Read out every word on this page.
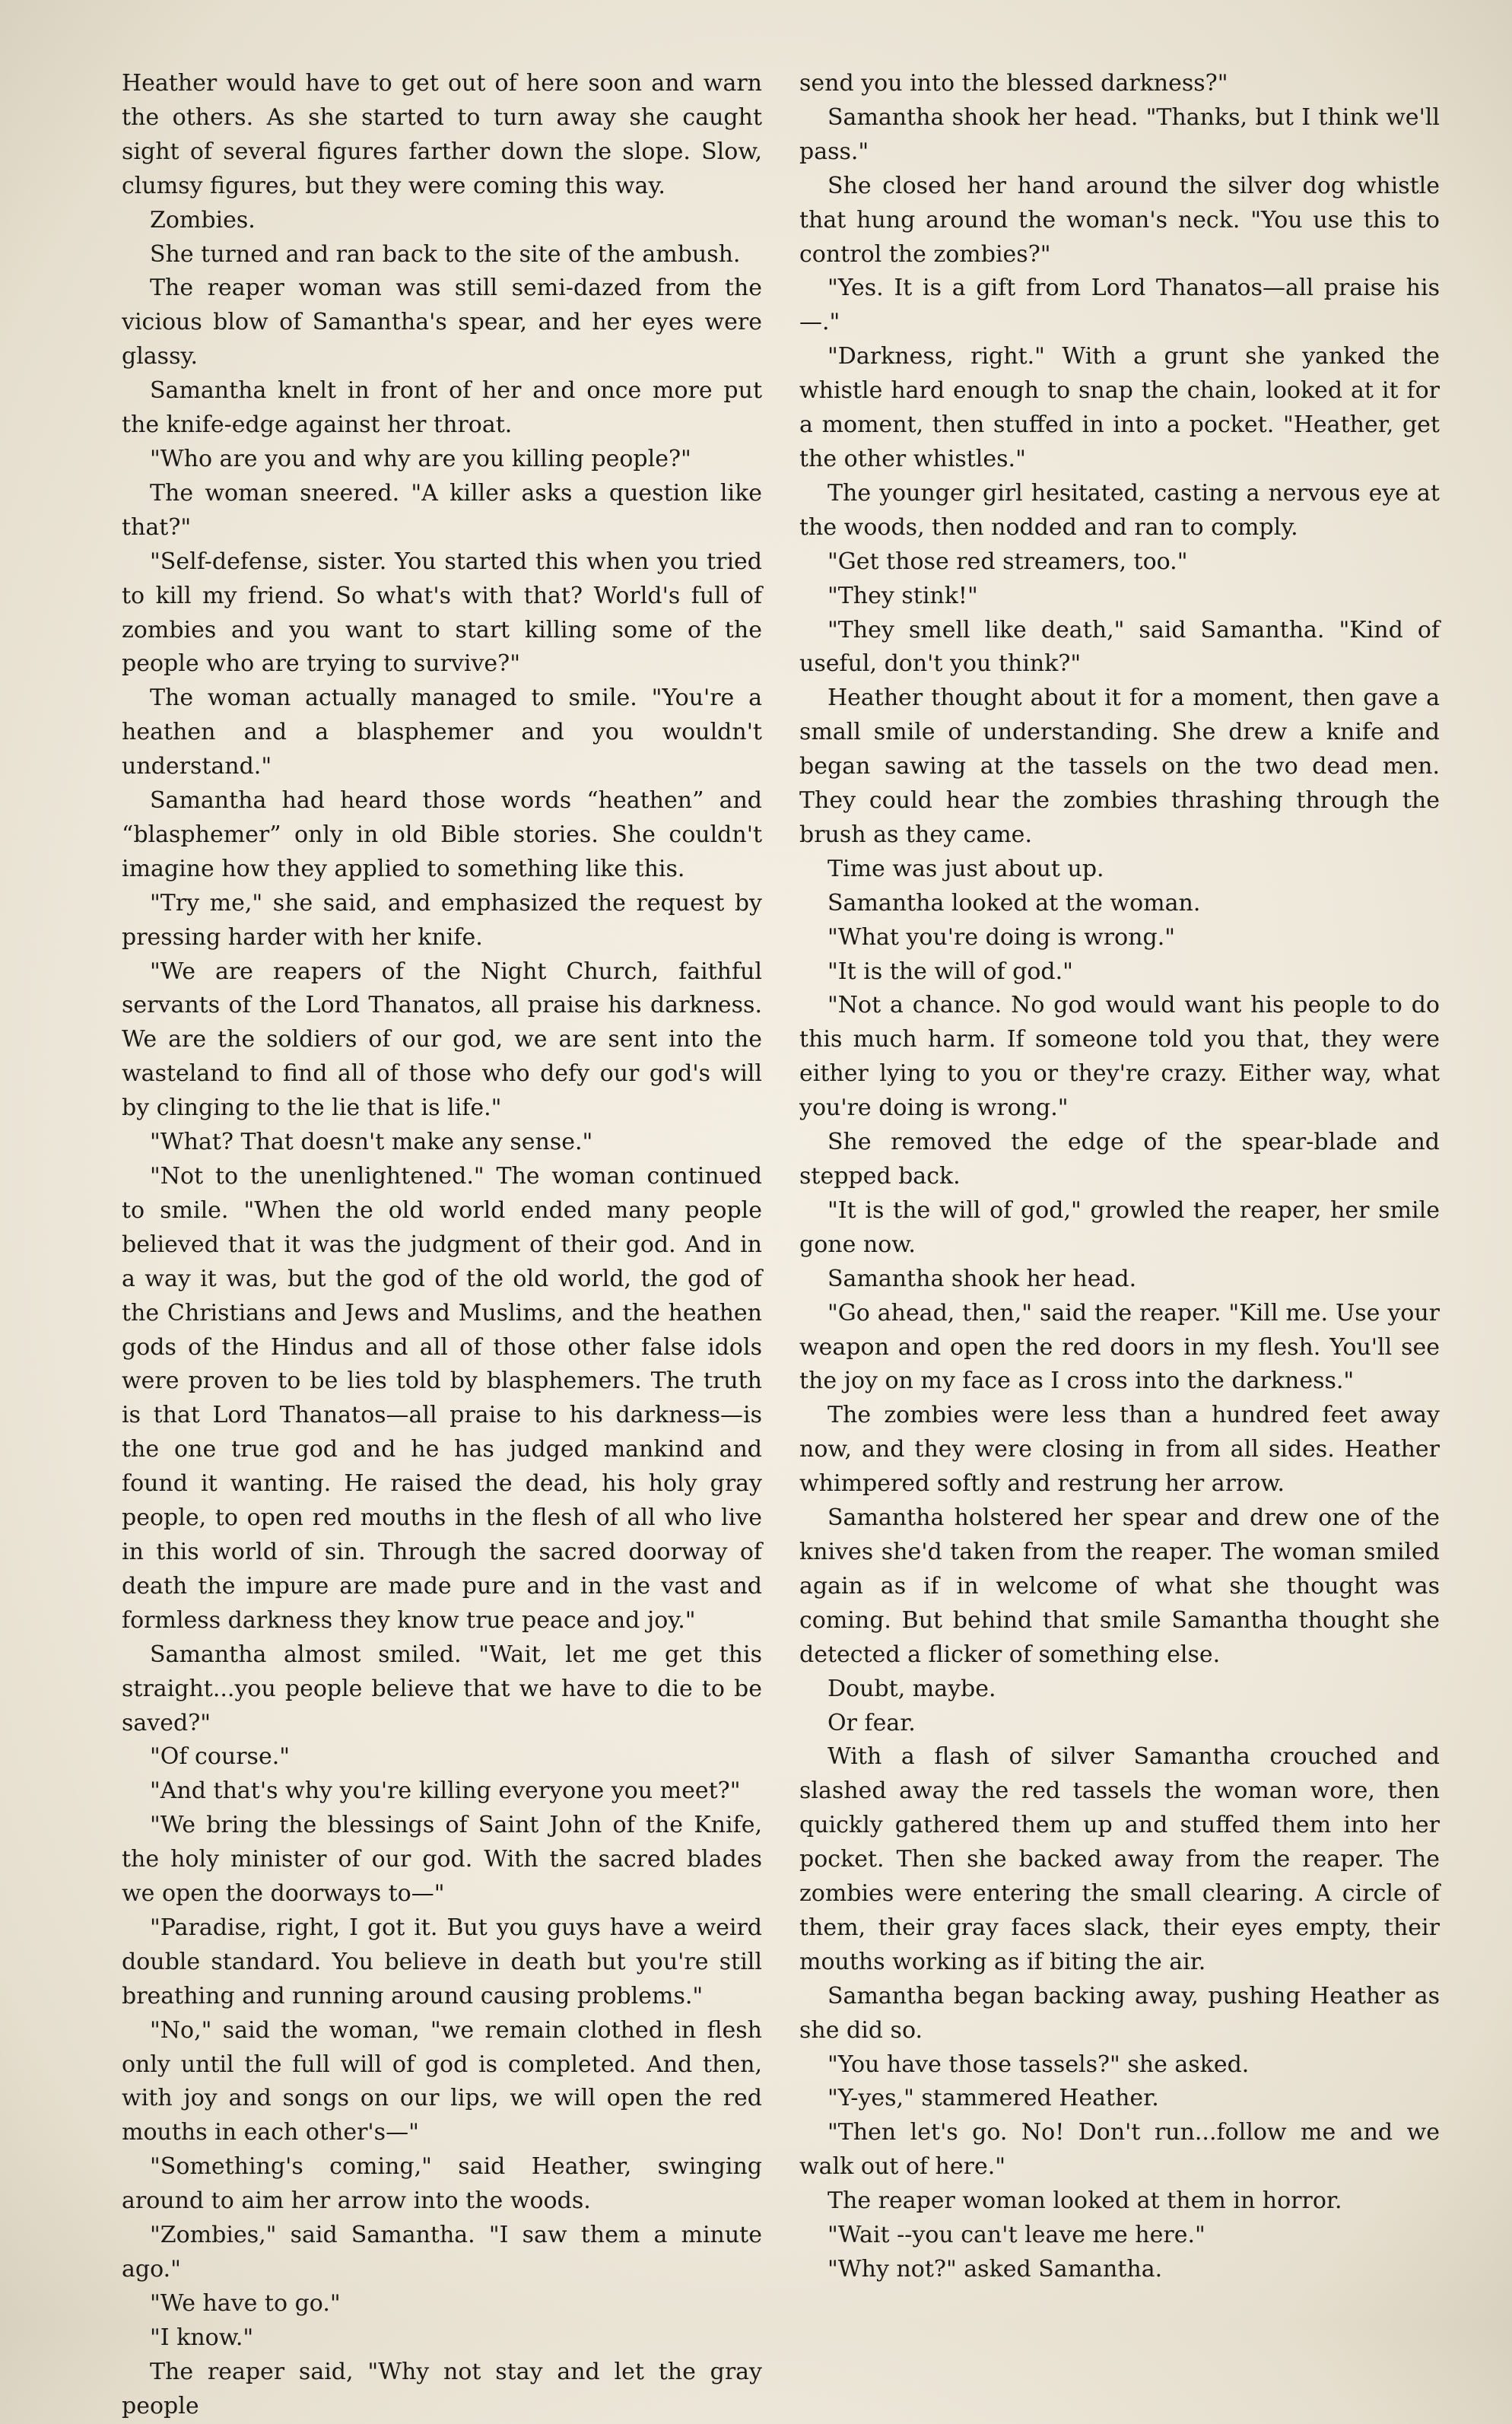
Heather would have to get out of here soon and warn the others. As she started to turn away she caught sight of several figures farther down the slope. Slow, clumsy figures, but they were coming this way.

Zombies.

She turned and ran back to the site of the ambush.

The reaper woman was still semi-dazed from the vicious blow of Samantha's spear, and her eyes were glassy.

Samantha knelt in front of her and once more put the knife-edge against her throat.

"Who are you and why are you killing people?"

The woman sneered. "A killer asks a question like that?"

"Self-defense, sister. You started this when you tried to kill my friend. So what's with that? World's full of zombies and you want to start killing some of the people who are trying to survive?"

The woman actually managed to smile. "You're a heathen and a blasphemer and you wouldn't understand."

Samantha had heard those words “heathen” and “blasphemer” only in old Bible stories. She couldn't imagine how they applied to something like this.

"Try me," she said, and emphasized the request by pressing harder with her knife.

"We are reapers of the Night Church, faithful servants of the Lord Thanatos, all praise his darkness. We are the soldiers of our god, we are sent into the wasteland to find all of those who defy our god's will by clinging to the lie that is life."

"What? That doesn't make any sense."

"Not to the unenlightened." The woman continued to smile. "When the old world ended many people believed that it was the judgment of their god. And in a way it was, but the god of the old world, the god of the Christians and Jews and Muslims, and the heathen gods of the Hindus and all of those other false idols were proven to be lies told by blasphemers. The truth is that Lord Thanatos—all praise to his darkness—is the one true god and he has judged mankind and found it wanting. He raised the dead, his holy gray people, to open red mouths in the flesh of all who live in this world of sin. Through the sacred doorway of death the impure are made pure and in the vast and formless darkness they know true peace and joy."

Samantha almost smiled. "Wait, let me get this straight...you people believe that we have to die to be saved?"

"Of course."

"And that's why you're killing everyone you meet?"

"We bring the blessings of Saint John of the Knife, the holy minister of our god. With the sacred blades we open the doorways to—"

"Paradise, right, I got it. But you guys have a weird double standard. You believe in death but you're still breathing and running around causing problems."

"No," said the woman, "we remain clothed in flesh only until the full will of god is completed. And then, with joy and songs on our lips, we will open the red mouths in each other's—"

"Something's coming," said Heather, swinging around to aim her arrow into the woods.

"Zombies," said Samantha. "I saw them a minute ago."

"We have to go."

"I know."

The reaper said, "Why not stay and let the gray people

send you into the blessed darkness?"

Samantha shook her head. "Thanks, but I think we'll pass."

She closed her hand around the silver dog whistle that hung around the woman's neck. "You use this to control the zombies?"

"Yes. It is a gift from Lord Thanatos—all praise his—."

"Darkness, right." With a grunt she yanked the whistle hard enough to snap the chain, looked at it for a moment, then stuffed in into a pocket. "Heather, get the other whistles."

The younger girl hesitated, casting a nervous eye at the woods, then nodded and ran to comply.

"Get those red streamers, too."

"They stink!"

"They smell like death," said Samantha. "Kind of useful, don't you think?"

Heather thought about it for a moment, then gave a small smile of understanding. She drew a knife and began sawing at the tassels on the two dead men. They could hear the zombies thrashing through the brush as they came.

Time was just about up.

Samantha looked at the woman.

"What you're doing is wrong."

"It is the will of god."

"Not a chance. No god would want his people to do this much harm. If someone told you that, they were either lying to you or they're crazy. Either way, what you're doing is wrong."

She removed the edge of the spear-blade and stepped back.

"It is the will of god," growled the reaper, her smile gone now.

Samantha shook her head.

"Go ahead, then," said the reaper. "Kill me. Use your weapon and open the red doors in my flesh. You'll see the joy on my face as I cross into the darkness."

The zombies were less than a hundred feet away now, and they were closing in from all sides. Heather whimpered softly and restrung her arrow.

Samantha holstered her spear and drew one of the knives she'd taken from the reaper. The woman smiled again as if in welcome of what she thought was coming. But behind that smile Samantha thought she detected a flicker of something else.

Doubt, maybe.

Or fear.

With a flash of silver Samantha crouched and slashed away the red tassels the woman wore, then quickly gathered them up and stuffed them into her pocket. Then she backed away from the reaper. The zombies were entering the small clearing. A circle of them, their gray faces slack, their eyes empty, their mouths working as if biting the air.

Samantha began backing away, pushing Heather as she did so.

"You have those tassels?" she asked.

"Y-yes," stammered Heather.

"Then let's go. No! Don't run...follow me and we walk out of here."

The reaper woman looked at them in horror.

"Wait --you can't leave me here."

"Why not?" asked Samantha.
